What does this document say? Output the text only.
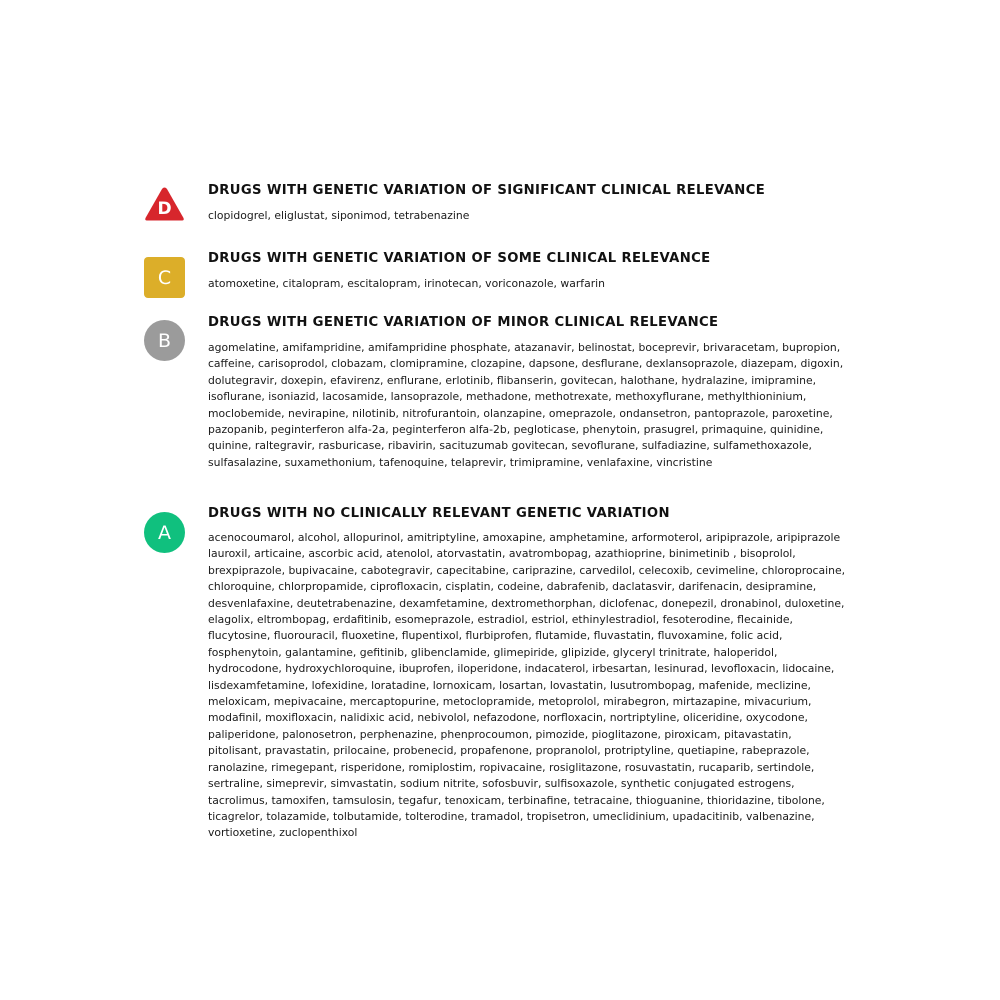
D
DRUGS WITH GENETIC VARIATION OF SIGNIFICANT CLINICAL RELEVANCE
clopidogrel, eliglustat, siponimod, tetrabenazine
C
DRUGS WITH GENETIC VARIATION OF SOME CLINICAL RELEVANCE
atomoxetine, citalopram, escitalopram, irinotecan, voriconazole, warfarin
B
DRUGS WITH GENETIC VARIATION OF MINOR CLINICAL RELEVANCE
agomelatine, amifampridine, amifampridine phosphate, atazanavir, belinostat, boceprevir, brivaracetam, bupropion, caffeine, carisoprodol, clobazam, clomipramine, clozapine, dapsone, desflurane, dexlansoprazole, diazepam, digoxin, dolutegravir, doxepin, efavirenz, enflurane, erlotinib, flibanserin, govitecan, halothane, hydralazine, imipramine, isoflurane, isoniazid, lacosamide, lansoprazole, methadone, methotrexate, methoxyflurane, methylthioninium, moclobemide, nevirapine, nilotinib, nitrofurantoin, olanzapine, omeprazole, ondansetron, pantoprazole, paroxetine, pazopanib, peginterferon alfa-2a, peginterferon alfa-2b, pegloticase, phenytoin, prasugrel, primaquine, quinidine, quinine, raltegravir, rasburicase, ribavirin, sacituzumab govitecan, sevoflurane, sulfadiazine, sulfamethoxazole, sulfasalazine, suxamethonium, tafenoquine, telaprevir, trimipramine, venlafaxine, vincristine
A
DRUGS WITH NO CLINICALLY RELEVANT GENETIC VARIATION
acenocoumarol, alcohol, allopurinol, amitriptyline, amoxapine, amphetamine, arformoterol, aripiprazole, aripiprazole lauroxil, articaine, ascorbic acid, atenolol, atorvastatin, avatrombopag, azathioprine, binimetinib , bisoprolol, brexpiprazole, bupivacaine, cabotegravir, capecitabine, cariprazine, carvedilol, celecoxib, cevimeline, chloroprocaine, chloroquine, chlorpropamide, ciprofloxacin, cisplatin, codeine, dabrafenib, daclatasvir, darifenacin, desipramine, desvenlafaxine, deutetrabenazine, dexamfetamine, dextromethorphan, diclofenac, donepezil, dronabinol, duloxetine, elagolix, eltrombopag, erdafitinib, esomeprazole, estradiol, estriol, ethinylestradiol, fesoterodine, flecainide, flucytosine, fluorouracil, fluoxetine, flupentixol, flurbiprofen, flutamide, fluvastatin, fluvoxamine, folic acid, fosphenytoin, galantamine, gefitinib, glibenclamide, glimepiride, glipizide, glyceryl trinitrate, haloperidol, hydrocodone, hydroxychloroquine, ibuprofen, iloperidone, indacaterol, irbesartan, lesinurad, levofloxacin, lidocaine, lisdexamfetamine, lofexidine, loratadine, lornoxicam, losartan, lovastatin, lusutrombopag, mafenide, meclizine, meloxicam, mepivacaine, mercaptopurine, metoclopramide, metoprolol, mirabegron, mirtazapine, mivacurium, modafinil, moxifloxacin, nalidixic acid, nebivolol, nefazodone, norfloxacin, nortriptyline, oliceridine, oxycodone, paliperidone, palonosetron, perphenazine, phenprocoumon, pimozide, pioglitazone, piroxicam, pitavastatin, pitolisant, pravastatin, prilocaine, probenecid, propafenone, propranolol, protriptyline, quetiapine, rabeprazole, ranolazine, rimegepant, risperidone, romiplostim, ropivacaine, rosiglitazone, rosuvastatin, rucaparib, sertindole, sertraline, simeprevir, simvastatin, sodium nitrite, sofosbuvir, sulfisoxazole, synthetic conjugated estrogens, tacrolimus, tamoxifen, tamsulosin, tegafur, tenoxicam, terbinafine, tetracaine, thioguanine, thioridazine, tibolone, ticagrelor, tolazamide, tolbutamide, tolterodine, tramadol, tropisetron, umeclidinium, upadacitinib, valbenazine, vortioxetine, zuclopenthixol
